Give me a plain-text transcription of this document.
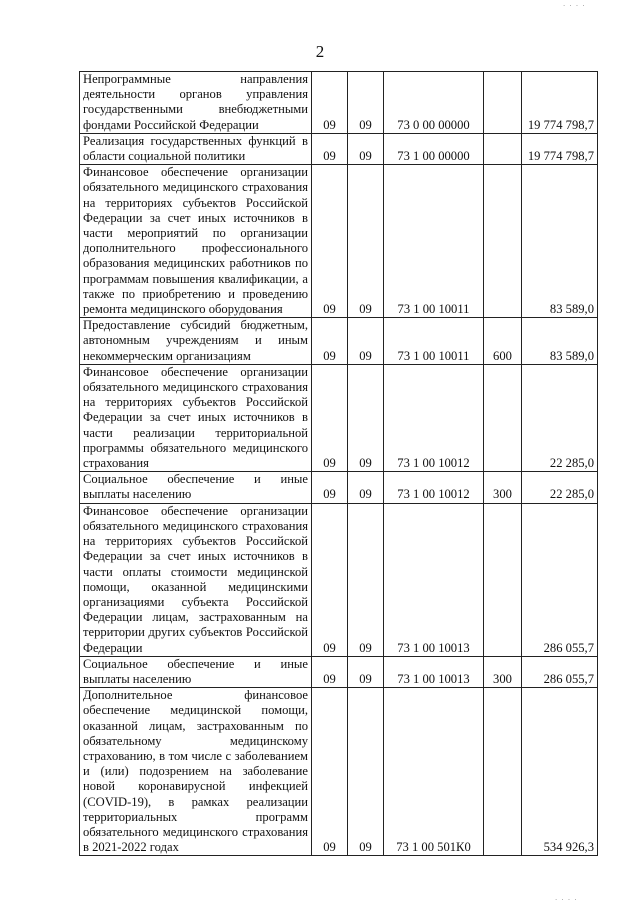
2
Непрограммные направления деятельности органов управления государственными внебюджетными фондами Российской Федерации	09	09	73 0 00 00000		19 774 798,7
Реализация государственных функций в области социальной политики	09	09	73 1 00 00000		19 774 798,7
Финансовое обеспечение организации обязательного медицинского страхования на территориях субъектов Российской Федерации за счет иных источников в части мероприятий по организации дополнительного профессионального образования медицинских работников по программам повышения квалификации, а также по приобретению и проведению ремонта медицинского оборудования	09	09	73 1 00 10011		83 589,0
Предоставление субсидий бюджетным, автономным учреждениям и иным некоммерческим организациям	09	09	73 1 00 10011	600	83 589,0
Финансовое обеспечение организации обязательного медицинского страхования на территориях субъектов Российской Федерации за счет иных источников в части реализации территориальной программы обязательного медицинского страхования	09	09	73 1 00 10012		22 285,0
Социальное обеспечение и иные выплаты населению	09	09	73 1 00 10012	300	22 285,0
Финансовое обеспечение организации обязательного медицинского страхования на территориях субъектов Российской Федерации за счет иных источников в части оплаты стоимости медицинской помощи, оказанной медицинскими организациями субъекта Российской Федерации лицам, застрахованным на территории других субъектов Российской Федерации	09	09	73 1 00 10013		286 055,7
Социальное обеспечение и иные выплаты населению	09	09	73 1 00 10013	300	286 055,7
Дополнительное финансовое обеспечение медицинской помощи, оказанной лицам, застрахованным по обязательному медицинскому страхованию, в том числе с заболеванием и (или) подозрением на заболевание новой коронавирусной инфекцией (COVID-19), в рамках реализации территориальных программ обязательного медицинского страхования в 2021-2022 годах	09	09	73 1 00 501К0		534 926,3
· · · ·
· · · ·
